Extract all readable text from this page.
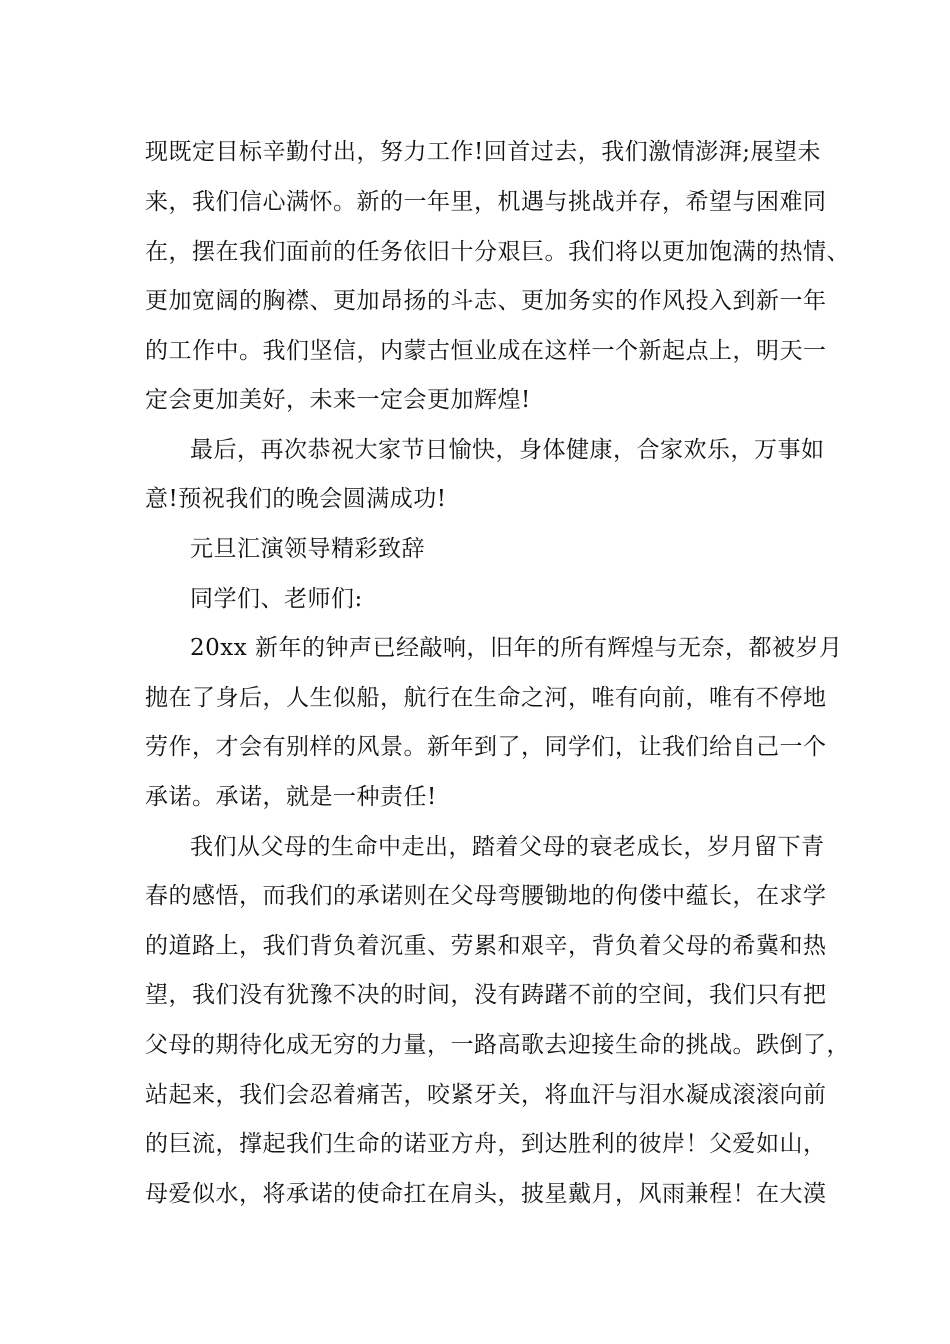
现既定目标辛勤付出，努力工作!回首过去，我们激情澎湃;展望未
来，我们信心满怀。新的一年里，机遇与挑战并存，希望与困难同
在，摆在我们面前的任务依旧十分艰巨。我们将以更加饱满的热情、
更加宽阔的胸襟、更加昂扬的斗志、更加务实的作风投入到新一年
的工作中。我们坚信，内蒙古恒业成在这样一个新起点上，明天一
定会更加美好，未来一定会更加辉煌!
最后，再次恭祝大家节日愉快，身体健康，合家欢乐，万事如
意!预祝我们的晚会圆满成功!
元旦汇演领导精彩致辞
同学们、老师们:
20xx 新年的钟声已经敲响，旧年的所有辉煌与无奈，都被岁月
抛在了身后，人生似船，航行在生命之河，唯有向前，唯有不停地
劳作，才会有别样的风景。新年到了，同学们，让我们给自己一个
承诺。承诺，就是一种责任!
我们从父母的生命中走出，踏着父母的衰老成长，岁月留下青
春的感悟，而我们的承诺则在父母弯腰锄地的佝偻中蕴长，在求学
的道路上，我们背负着沉重、劳累和艰辛，背负着父母的希冀和热
望，我们没有犹豫不决的时间，没有踌躇不前的空间，我们只有把
父母的期待化成无穷的力量，一路高歌去迎接生命的挑战。跌倒了，
站起来，我们会忍着痛苦，咬紧牙关，将血汗与泪水凝成滚滚向前
的巨流，撑起我们生命的诺亚方舟，到达胜利的彼岸！父爱如山，
母爱似水，将承诺的使命扛在肩头，披星戴月，风雨兼程！在大漠
